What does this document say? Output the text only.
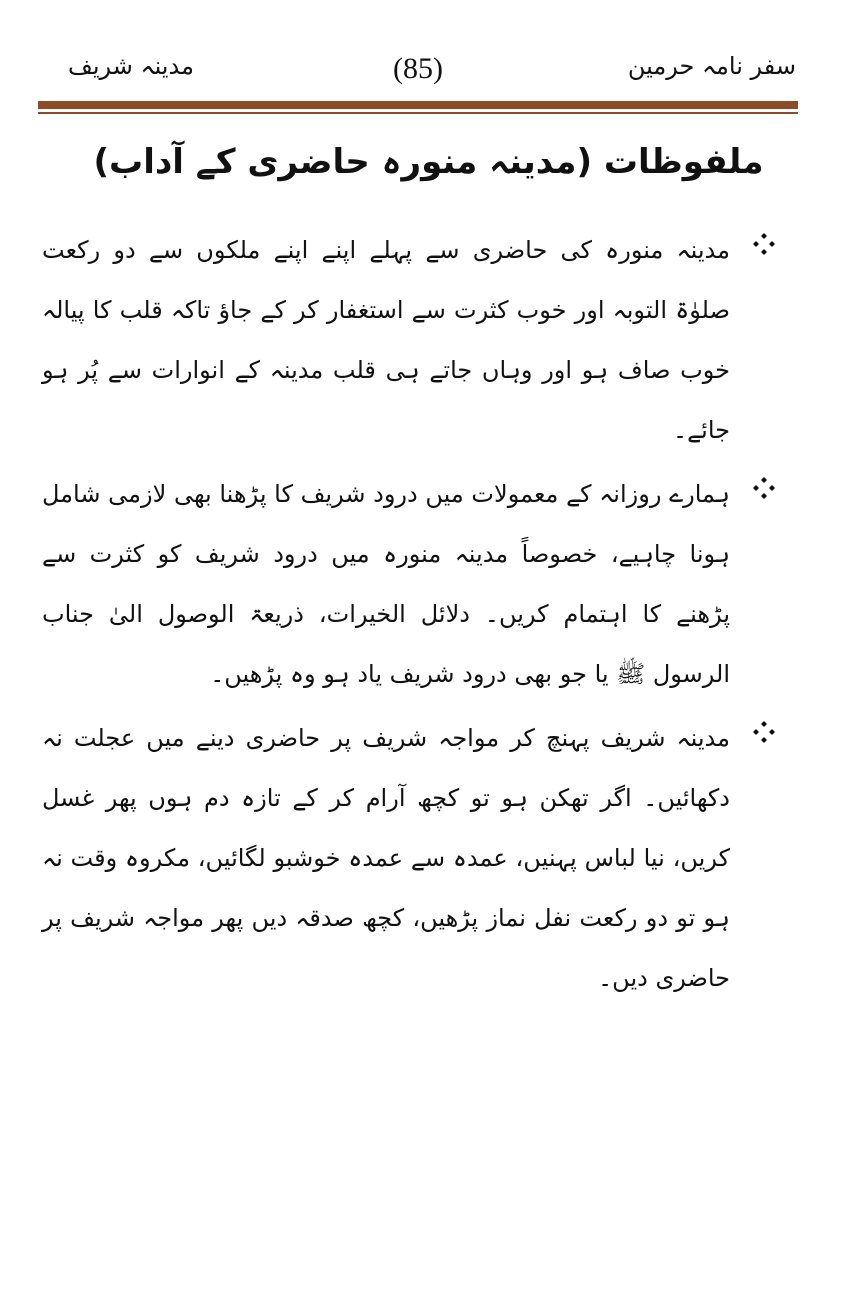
سفر نامہ حرمین
(85)
مدینہ شریف
ملفوظات (مدینہ منورہ حاضری کے آداب)
مدینہ منورہ کی حاضری سے پہلے اپنے اپنے ملکوں سے دو رکعت صلوٰۃ التوبہ اور خوب کثرت سے استغفار کر کے جاؤ تاکہ قلب کا پیالہ خوب صاف ہو اور وہاں جاتے ہی قلب مدینہ کے انوارات سے پُر ہو جائے۔
ہمارے روزانہ کے معمولات میں درود شریف کا پڑھنا بھی لازمی شامل ہونا چاہیے، خصوصاً مدینہ منورہ میں درود شریف کو کثرت سے پڑھنے کا اہتمام کریں۔ دلائل الخیرات، ذریعۃ الوصول الیٰ جناب الرسول ﷺ یا جو بھی درود شریف یاد ہو وہ پڑھیں۔
مدینہ شریف پہنچ کر مواجہ شریف پر حاضری دینے میں عجلت نہ دکھائیں۔ اگر تھکن ہو تو کچھ آرام کر کے تازہ دم ہوں پھر غسل کریں، نیا لباس پہنیں، عمدہ سے عمدہ خوشبو لگائیں، مکروہ وقت نہ ہو تو دو رکعت نفل نماز پڑھیں، کچھ صدقہ دیں پھر مواجہ شریف پر حاضری دیں۔
